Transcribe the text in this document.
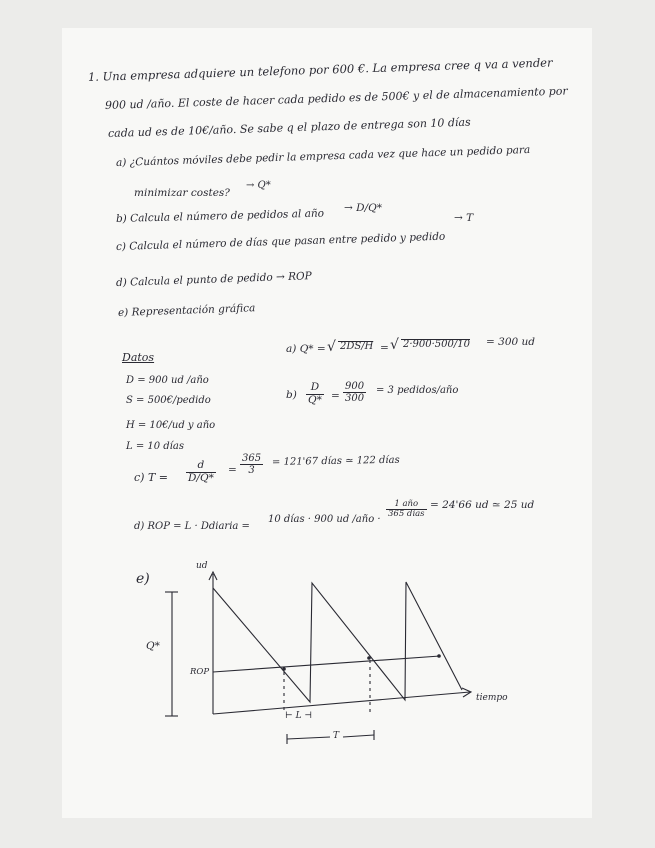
1. Una empresa adquiere un telefono por 600 €. La empresa cree q va a vender
900 ud /año. El coste de hacer cada pedido es de 500€ y el de almacenamiento por
cada ud es de 10€/año. Se sabe q el plazo de entrega son 10 días
a) ¿Cuántos móviles debe pedir la empresa cada vez que hace un pedido para
minimizar costes?
→ Q*
b) Calcula el número de pedidos al año → D/Q*
c) Calcula el número de días que pasan entre pedido y pedido
→ T
d) Calcula el punto de pedido → ROP
e) Representación gráfica
Datos
D = 900 ud /año
S = 500€/pedido
H = 10€/ud y año
L = 10 días
a) Q* = √ 2DS/H = √ 2·900·500/10 = 300 ud
$b) \frac{D}{Q*} = \frac{900}{300} = 3$ pedidos/año
c) $T = \frac{d}{D/Q*} = \frac{365}{3} = 121'67$ días ≃ 122 días
d) ROP = L · Ddiaria =
10 días · 900 ud /año ·
1 año
365 días
= 24'66 ud ≃ 25 ud
e)
ud
Q*
ROP
tiempo
⊢ L ⊣
T
